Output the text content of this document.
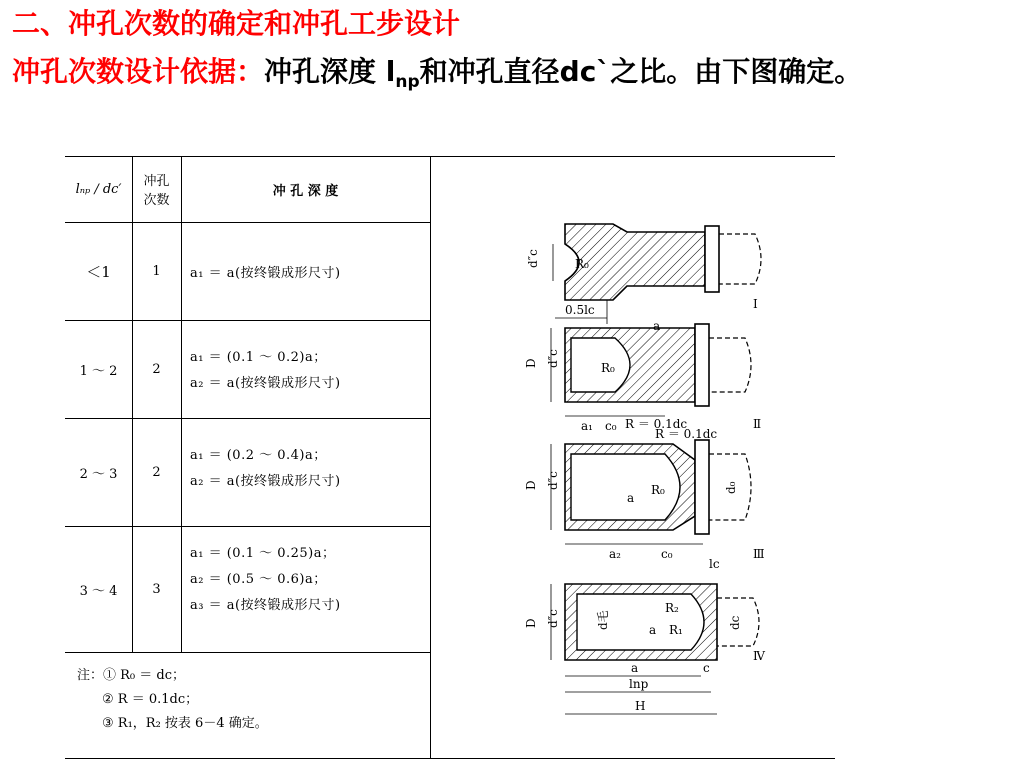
二、冲孔次数的确定和冲孔工步设计
冲孔次数设计依据：冲孔深度 $l_{np}$和冲孔直径dc`之比。由下图确定。
lₙₚ / dc′	冲孔
次数
冲 孔 深 度
＜1	1	a₁ ＝ a(按终锻成形尺寸)
1 ～ 2	2
a₁ ＝ (0.1 ～ 0.2)a；
a₂ ＝ a(按终锻成形尺寸)
2 ～ 3	2
a₁ ＝ (0.2 ～ 0.4)a；
a₂ ＝ a(按终锻成形尺寸)
3 ～ 4	3
a₁ ＝ (0.1 ～ 0.25)a；
a₂ ＝ (0.5 ～ 0.6)a；
a₃ ＝ a(按终锻成形尺寸)
注：① R₀ ＝ dc；
② R ＝ 0.1dc；
③ R₁，R₂ 按表 6－4 确定。
d″c	R₀
0.5lc	Ⅰ
D d″c	R₀
a
a₁ c₀ R ＝ 0.1dc	Ⅱ
D d″c	d₀
R₀
a
R ＝ 0.1dc
a₂	c₀	Ⅲ
lc
D d″c	d毛	dc
R₂
a R₁
a	c
lnp
H
Ⅳ
